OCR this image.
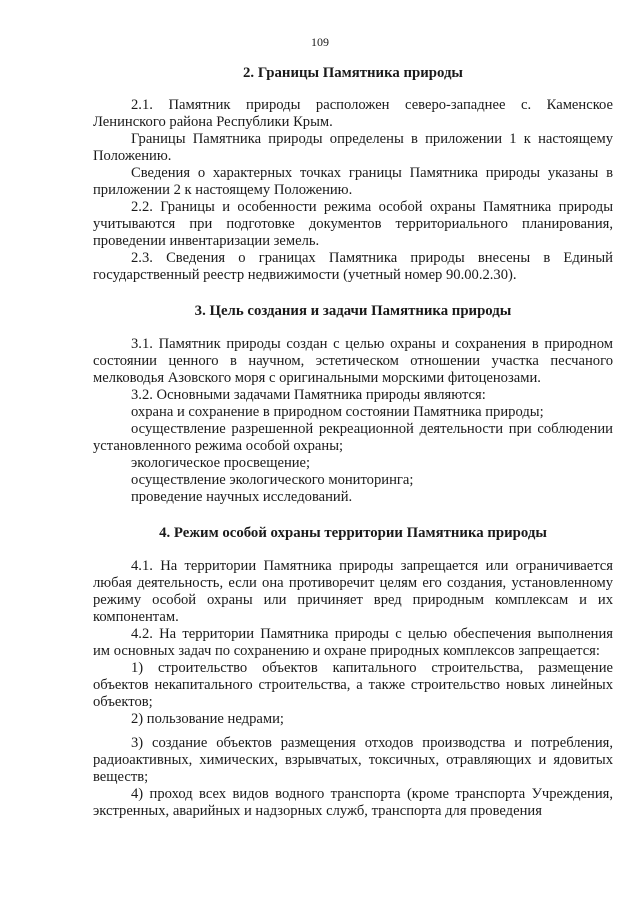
109
2. Границы Памятника природы
2.1. Памятник природы расположен северо-западнее с. Каменское Ленинского района Республики Крым.
Границы Памятника природы определены в приложении 1 к настоящему Положению.
Сведения о характерных точках границы Памятника природы указаны в приложении 2 к настоящему Положению.
2.2. Границы и особенности режима особой охраны Памятника природы учитываются при подготовке документов территориального планирования, проведении инвентаризации земель.
2.3. Сведения о границах Памятника природы внесены в Единый государственный реестр недвижимости (учетный номер 90.00.2.30).
3. Цель создания и задачи Памятника природы
3.1. Памятник природы создан с целью охраны и сохранения в природном состоянии ценного в научном, эстетическом отношении участка песчаного мелководья Азовского моря с оригинальными морскими фитоценозами.
3.2. Основными задачами Памятника природы являются:
охрана и сохранение в природном состоянии Памятника природы;
осуществление разрешенной рекреационной деятельности при соблюдении установленного режима особой охраны;
экологическое просвещение;
осуществление экологического мониторинга;
проведение научных исследований.
4. Режим особой охраны территории Памятника природы
4.1. На территории Памятника природы запрещается или ограничивается любая деятельность, если она противоречит целям его создания, установленному режиму особой охраны или причиняет вред природным комплексам и их компонентам.
4.2. На территории Памятника природы с целью обеспечения выполнения им основных задач по сохранению и охране природных комплексов запрещается:
1) строительство объектов капитального строительства, размещение объектов некапитального строительства, а также строительство новых линейных объектов;
2) пользование недрами;
3) создание объектов размещения отходов производства и потребления, радиоактивных, химических, взрывчатых, токсичных, отравляющих и ядовитых веществ;
4) проход всех видов водного транспорта (кроме транспорта Учреждения, экстренных, аварийных и надзорных служб, транспорта для проведения
